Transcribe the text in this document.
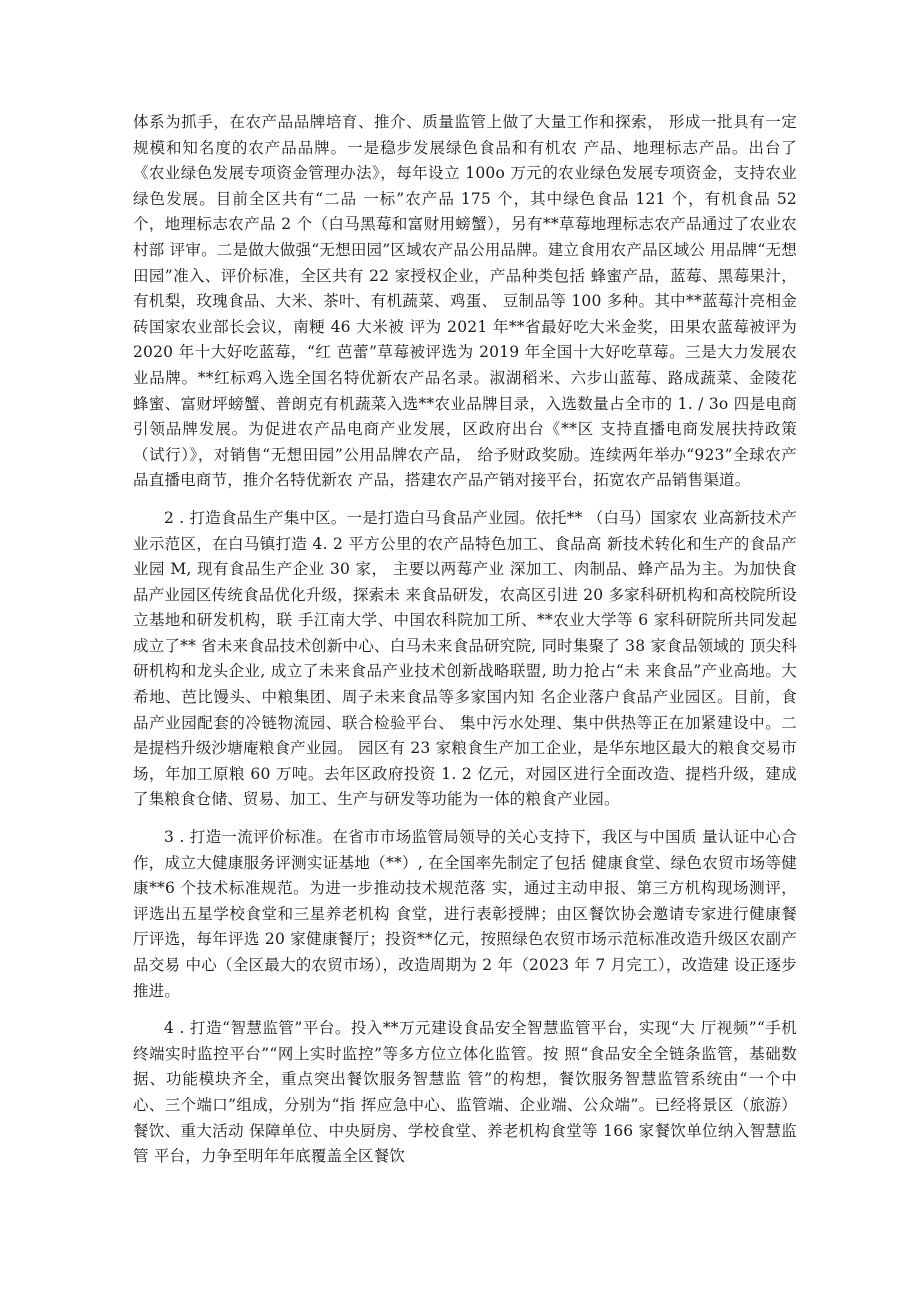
体系为抓手，在农产品品牌培育、推介、质量监管上做了大量工作和探索， 形成一批具有一定规模和知名度的农产品品牌。一是稳步发展绿色食品和有机农 产品、地理标志产品。出台了《农业绿色发展专项资金管理办法》，每年设立 100o 万元的农业绿色发展专项资金，支持农业绿色发展。目前全区共有“二品 一标”农产品 175 个，其中绿色食品 121 个，有机食品 52 个，地理标志农产品 2 个（白马黑莓和富财用螃蟹），另有**草莓地理标志农产品通过了农业农村部 评审。二是做大做强“无想田园”区域农产品公用品牌。建立食用农产品区域公 用品牌“无想田园”准入、评价标准，全区共有 22 家授权企业，产品种类包括 蜂蜜产品，蓝莓、黑莓果汁，有机梨，玫瑰食品、大米、茶叶、有机蔬菜、鸡蛋、 豆制品等 100 多种。其中**蓝莓汁亮相金砖国家农业部长会议，南粳 46 大米被 评为 2021 年**省最好吃大米金奖，田果农蓝莓被评为 2020 年十大好吃蓝莓，“红 芭蕾”草莓被评选为 2019 年全国十大好吃草莓。三是大力发展农业品牌。**红标鸡入选全国名特优新农产品名录。淑湖稻米、六步山蓝莓、路成蔬菜、金陵花 蜂蜜、富财坪螃蟹、普朗克有机蔬菜入选**农业品牌目录，入选数量占全市的 1. / 3o 四是电商引领品牌发展。为促进农产品电商产业发展，区政府出台《**区 支持直播电商发展扶持政策（试行）》，对销售“无想田园”公用品牌农产品， 给予财政奖励。连续两年举办“923”全球农产品直播电商节，推介名特优新农 产品，搭建农产品产销对接平台，拓宽农产品销售渠道。

2 . 打造食品生产集中区。一是打造白马食品产业园。依托** （白马）国家农 业高新技术产业示范区，在白马镇打造 4. 2 平方公里的农产品特色加工、食品高 新技术转化和生产的食品产业园 M, 现有食品生产企业 30 家， 主要以两莓产业 深加工、肉制品、蜂产品为主。为加快食品产业园区传统食品优化升级，探索未 来食品研发，农高区引进 20 多家科研机构和高校院所设立基地和研发机构，联 手江南大学、中国农科院加工所、**农业大学等 6 家科研院所共同发起成立了** 省未来食品技术创新中心、白马未来食品研究院, 同时集聚了 38 家食品领域的 顶尖科研机构和龙头企业, 成立了未来食品产业技术创新战略联盟, 助力抢占“未 来食品”产业高地。大希地、芭比馒头、中粮集团、周子未来食品等多家国内知 名企业落户食品产业园区。目前，食品产业园配套的冷链物流园、联合检验平台、 集中污水处理、集中供热等正在加紧建设中。二是提档升级沙塘庵粮食产业园。 园区有 23 家粮食生产加工企业，是华东地区最大的粮食交易市场，年加工原粮 60 万吨。去年区政府投资 1. 2 亿元，对园区进行全面改造、提档升级，建成了集粮食仓储、贸易、加工、生产与研发等功能为一体的粮食产业园。

3 . 打造一流评价标准。在省市市场监管局领导的关心支持下，我区与中国质 量认证中心合作，成立大健康服务评测实证基地（**）, 在全国率先制定了包括 健康食堂、绿色农贸市场等健康**6 个技术标准规范。为进一步推动技术规范落 实，通过主动申报、第三方机构现场测评，评选出五星学校食堂和三星养老机构 食堂，进行表彰授牌；由区餐饮协会邀请专家进行健康餐厅评选，每年评选 20 家健康餐厅；投资**亿元，按照绿色农贸市场示范标准改造升级区农副产品交易 中心（全区最大的农贸市场），改造周期为 2 年（2023 年 7 月完工），改造建 设正逐步推进。

4 . 打造“智慧监管”平台。投入**万元建设食品安全智慧监管平台，实现“大 厅视频”“手机终端实时监控平台”“网上实时监控”等多方位立体化监管。按 照“食品安全全链条监管，基础数据、功能模块齐全，重点突出餐饮服务智慧监 管”的构想，餐饮服务智慧监管系统由“一个中心、三个端口”组成，分别为“指 挥应急中心、监管端、企业端、公众端”。已经将景区（旅游）餐饮、重大活动 保障单位、中央厨房、学校食堂、养老机构食堂等 166 家餐饮单位纳入智慧监管 平台，力争至明年年底覆盖全区餐饮
